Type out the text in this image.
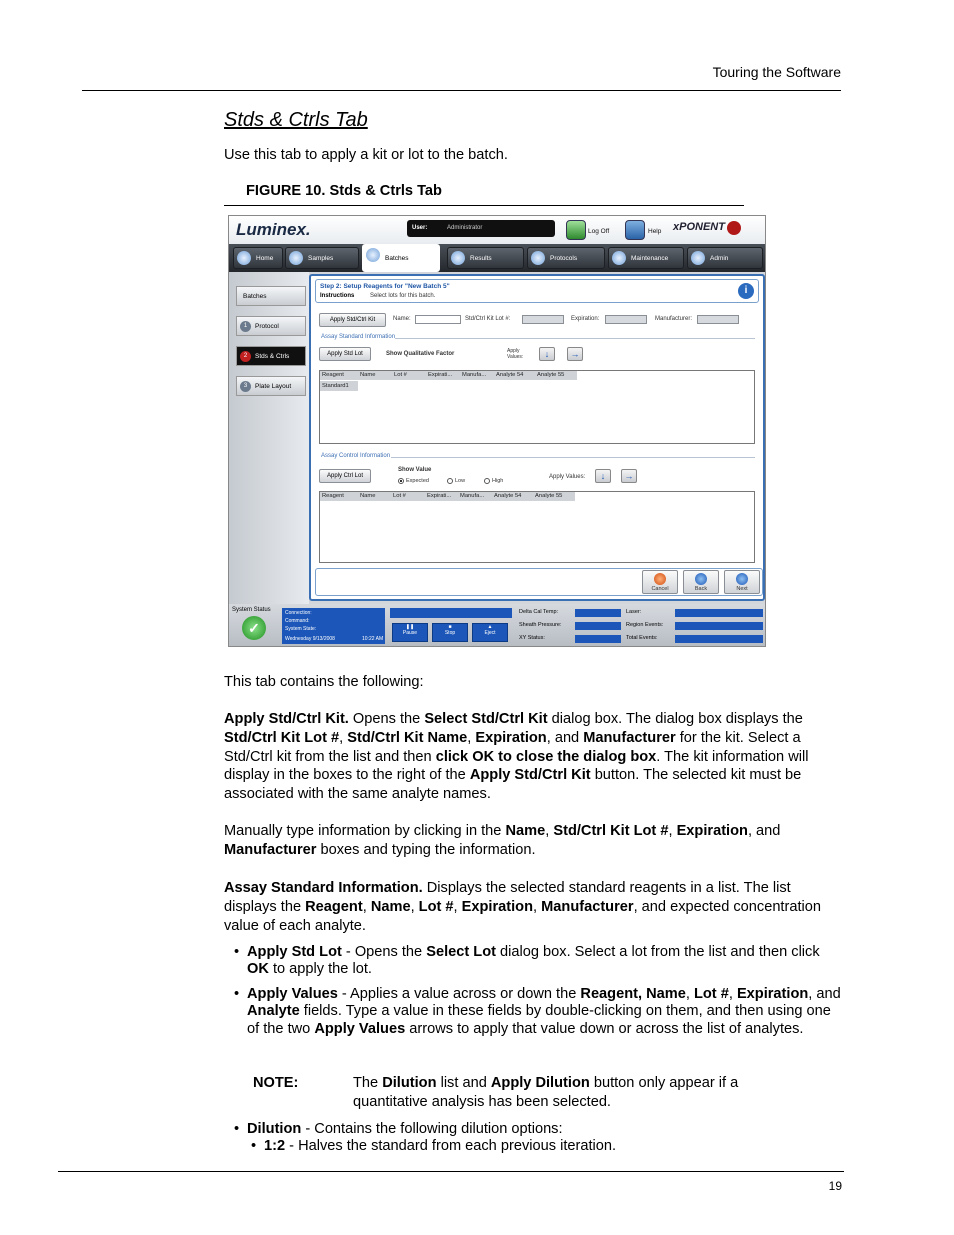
Touring the Software
Stds & Ctrls Tab
Use this tab to apply a kit or lot to the batch.
FIGURE 10. Stds & Ctrls Tab
Luminex.	User:	Administrator	Log Off	Help xPONENT
Home	Samples	Batches	Results	Protocols	Maintenance	Admin
Batches
1	Protocol
2	Stds & Ctrls
3	Plate Layout
Step 2: Setup Reagents for "New Batch 5"
Instructions	Select lots for this batch.	i
Apply Std/Ctrl Kit	Name:	Std/Ctrl Kit Lot #:	Expiration:	Manufacturer:
Assay Standard Information
Apply Std Lot	Show Qualitative Factor	Apply Values:	↓	→
Reagent	Name	Lot #	Expirati... Manufa... Analyte 54 Analyte 55
Standard1
Assay Control Information
Apply Ctrl Lot
Show Value
Expected	Low	High
Apply Values:	↓	→
Reagent	Name	Lot #	Expirati... Manufa... Analyte 54 Analyte 55
Cancel	Back	Next
System Status
✓
Connection:
Command:
System State:
Wednesday 9/13/2008	10:22 AM
❚❚
Pause
■
Stop
▲
Eject
Delta Cal Temp:
Sheath Pressure:
XY Status:
Laser:
Region Events:
Total Events:
This tab contains the following:
Apply Std/Ctrl Kit. Opens the Select Std/Ctrl Kit dialog box. The dialog box displays the Std/Ctrl Kit Lot #, Std/Ctrl Kit Name, Expiration, and Manufacturer for the kit. Select a Std/Ctrl kit from the list and then click OK to close the dialog box. The kit information will display in the boxes to the right of the Apply Std/Ctrl Kit button. The selected kit must be associated with the same analyte names.
Manually type information by clicking in the Name, Std/Ctrl Kit Lot #, Expiration, and Manufacturer boxes and typing the information.
Assay Standard Information. Displays the selected standard reagents in a list. The list displays the Reagent, Name, Lot #, Expiration, Manufacturer, and expected concentration value of each analyte.
• Apply Std Lot - Opens the Select Lot dialog box. Select a lot from the list and then click OK to apply the lot.
• Apply Values - Applies a value across or down the Reagent, Name, Lot #, Expiration, and Analyte fields. Type a value in these fields by double-clicking on them, and then using one of the two Apply Values arrows to apply that value down or across the list of analytes.
NOTE:	The Dilution list and Apply Dilution button only appear if a quantitative analysis has been selected.
• Dilution - Contains the following dilution options:
• 1:2 - Halves the standard from each previous iteration.
19
